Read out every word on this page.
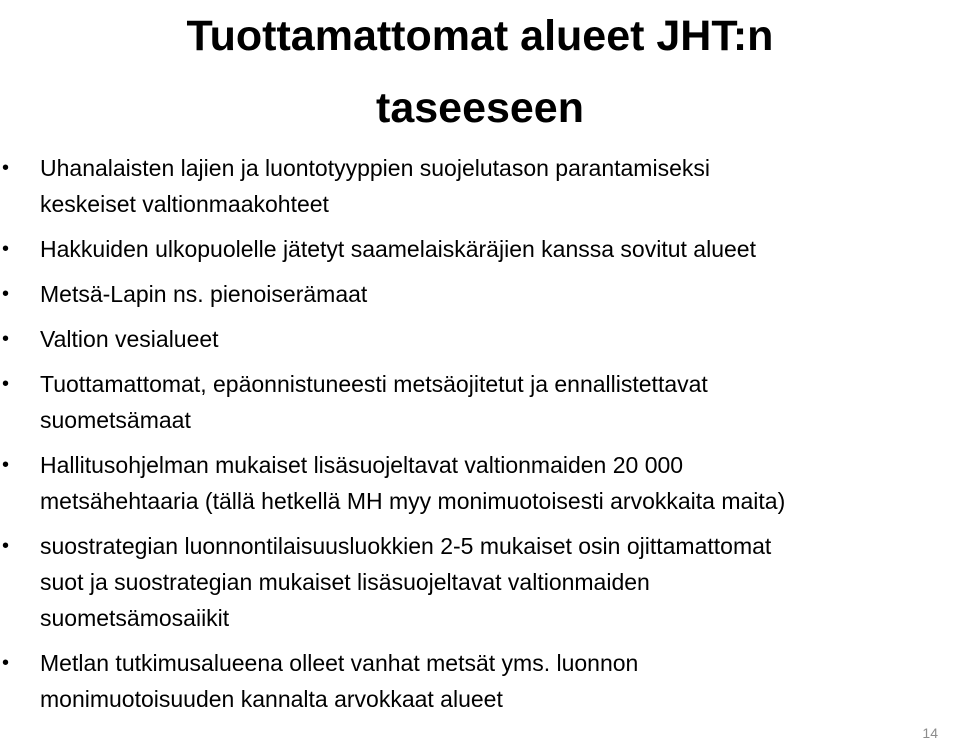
Tuottamattomat alueet JHT:n
taseeseen
•	Uhanalaisten lajien ja luontotyyppien suojelutason parantamiseksi
keskeiset valtionmaakohteet
•	Hakkuiden ulkopuolelle jätetyt saamelaiskäräjien kanssa sovitut alueet
•	Metsä-Lapin ns. pienoiserämaat
•	Valtion vesialueet
•	Tuottamattomat, epäonnistuneesti metsäojitetut ja ennallistettavat
suometsämaat
•	Hallitusohjelman mukaiset lisäsuojeltavat valtionmaiden 20 000
metsähehtaaria (tällä hetkellä MH myy monimuotoisesti arvokkaita maita)
•	suostrategian luonnontilaisuusluokkien 2-5 mukaiset osin ojittamattomat
suot ja suostrategian mukaiset lisäsuojeltavat valtionmaiden
suometsämosaiikit
•	Metlan tutkimusalueena olleet vanhat metsät yms. luonnon
monimuotoisuuden kannalta arvokkaat alueet
14
